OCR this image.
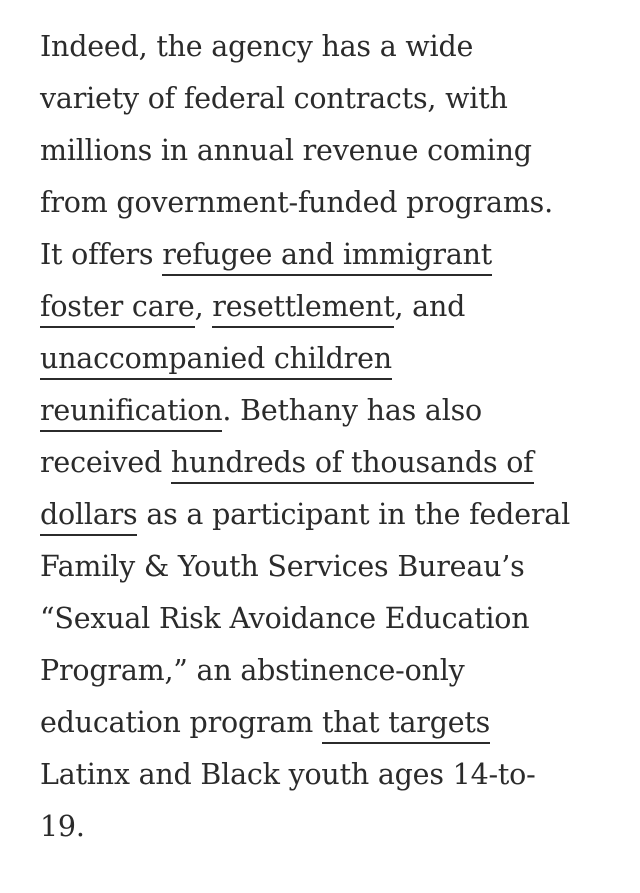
Indeed, the agency has a wide
variety of federal contracts, with
millions in annual revenue coming
from government-funded programs.
It offers refugee and immigrant
foster care, resettlement, and
unaccompanied children
reunification. Bethany has also
received hundreds of thousands of
dollars as a participant in the federal
Family & Youth Services Bureau’s
“Sexual Risk Avoidance Education
Program,” an abstinence-only
education program that targets
Latinx and Black youth ages 14-to-
19.
